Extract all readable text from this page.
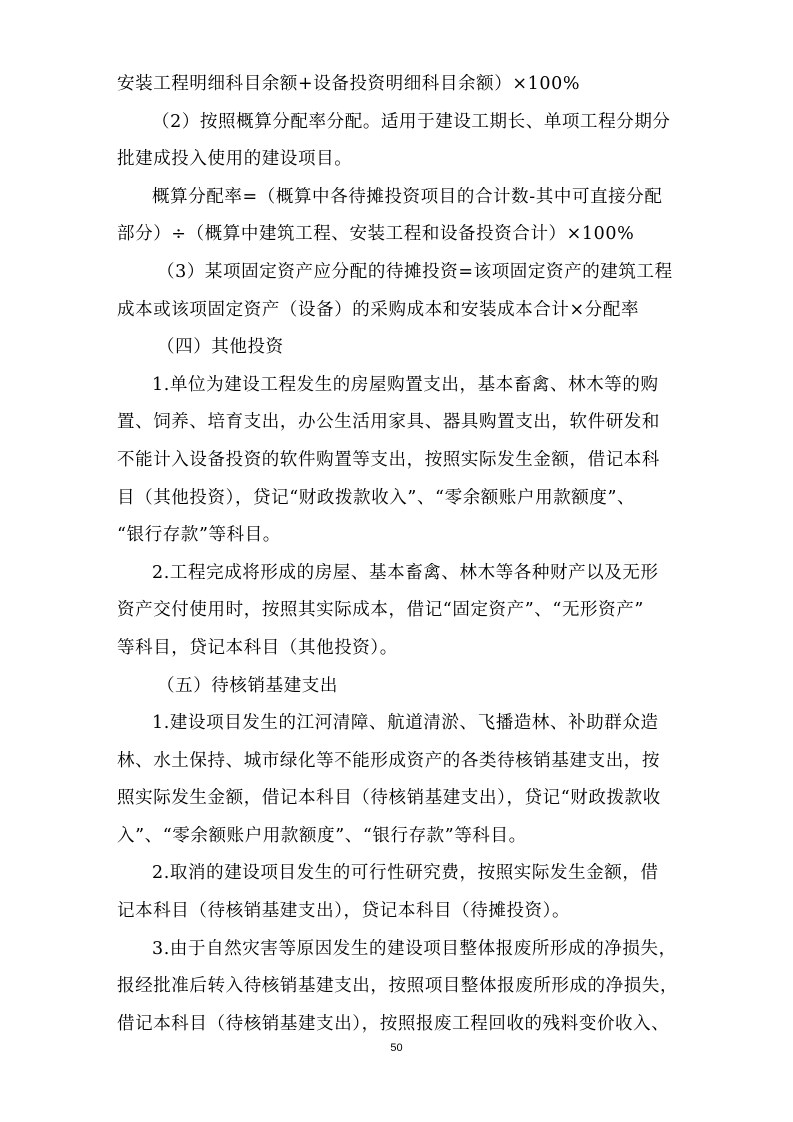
安装工程明细科目余额+设备投资明细科目余额）×100%
（2）按照概算分配率分配。适用于建设工期长、单项工程分期分
批建成投入使用的建设项目。
概算分配率=（概算中各待摊投资项目的合计数-其中可直接分配
部分）÷（概算中建筑工程、安装工程和设备投资合计）×100%
（3）某项固定资产应分配的待摊投资=该项固定资产的建筑工程
成本或该项固定资产（设备）的采购成本和安装成本合计×分配率
（四）其他投资
1.单位为建设工程发生的房屋购置支出，基本畜禽、林木等的购
置、饲养、培育支出，办公生活用家具、器具购置支出，软件研发和
不能计入设备投资的软件购置等支出，按照实际发生金额，借记本科
目（其他投资），贷记“财政拨款收入”、“零余额账户用款额度”、
“银行存款”等科目。
2.工程完成将形成的房屋、基本畜禽、林木等各种财产以及无形
资产交付使用时，按照其实际成本，借记“固定资产”、“无形资产”
等科目，贷记本科目（其他投资）。
（五）待核销基建支出
1.建设项目发生的江河清障、航道清淤、飞播造林、补助群众造
林、水土保持、城市绿化等不能形成资产的各类待核销基建支出，按
照实际发生金额，借记本科目（待核销基建支出），贷记“财政拨款收
入”、“零余额账户用款额度”、“银行存款”等科目。
2.取消的建设项目发生的可行性研究费，按照实际发生金额，借
记本科目（待核销基建支出），贷记本科目（待摊投资）。
3.由于自然灾害等原因发生的建设项目整体报废所形成的净损失，
报经批准后转入待核销基建支出，按照项目整体报废所形成的净损失，
借记本科目（待核销基建支出），按照报废工程回收的残料变价收入、
50
